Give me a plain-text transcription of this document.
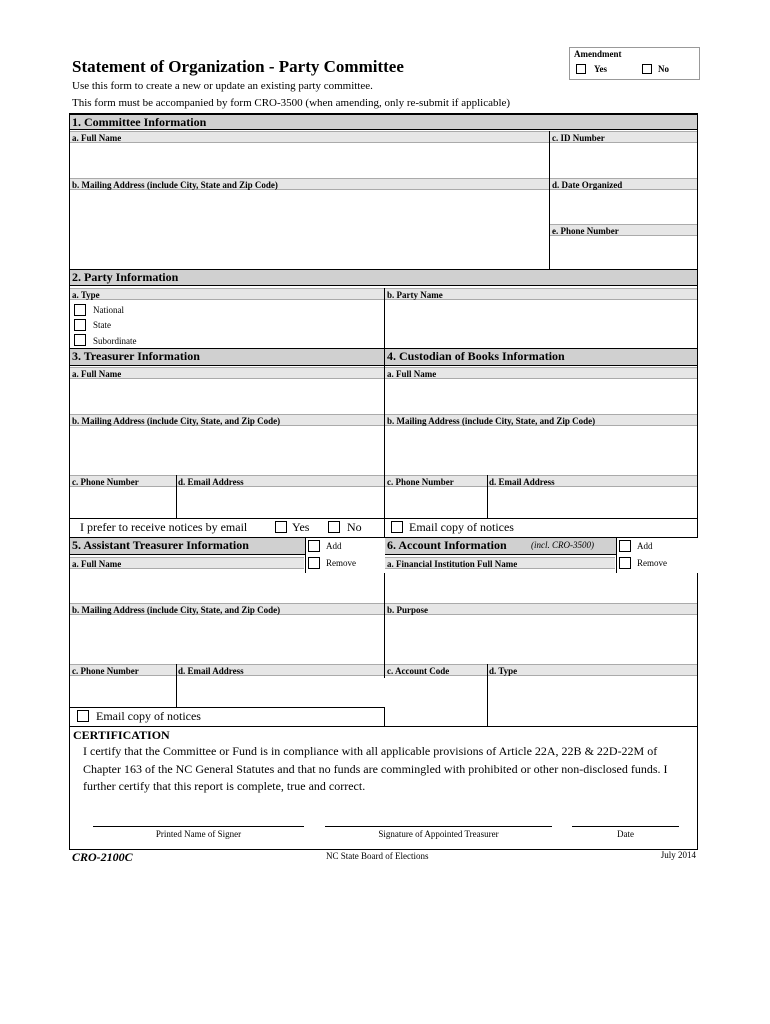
Statement of Organization - Party Committee
Use this form to create a new or update an existing party committee.
This form must be accompanied by form CRO-3500 (when amending, only re-submit if applicable)
Amendment
Yes	No
1. Committee Information
a. Full Name	c. ID Number
b. Mailing Address (include City, State and Zip Code)	d. Date Organized
e. Phone Number
2. Party Information
a. Type	b. Party Name
National
State
Subordinate
3. Treasurer Information	4. Custodian of Books Information
a. Full Name	a. Full Name
b. Mailing Address (include City, State, and Zip Code)	b. Mailing Address (include City, State, and Zip Code)
c. Phone Number	d. Email Address	c. Phone Number	d. Email Address
I prefer to receive notices by email	Yes	No	Email copy of notices
5. Assistant Treasurer Information	6. Account Information	(incl. CRO-3500)
Add
Remove
Add
Remove
a. Full Name	a. Financial Institution Full Name
b. Mailing Address (include City, State, and Zip Code)	b. Purpose
c. Phone Number	d. Email Address	c. Account Code	d. Type
Email copy of notices
CERTIFICATION
I certify that the Committee or Fund is in compliance with all applicable provisions of Article 22A, 22B & 22D-22M of
Chapter 163 of the NC General Statutes and that no funds are commingled with prohibited or other non-disclosed funds. I
further certify that this report is complete, true and correct.
Printed Name of Signer	Signature of Appointed Treasurer	Date
CRO-2100C	NC State Board of Elections	July 2014
